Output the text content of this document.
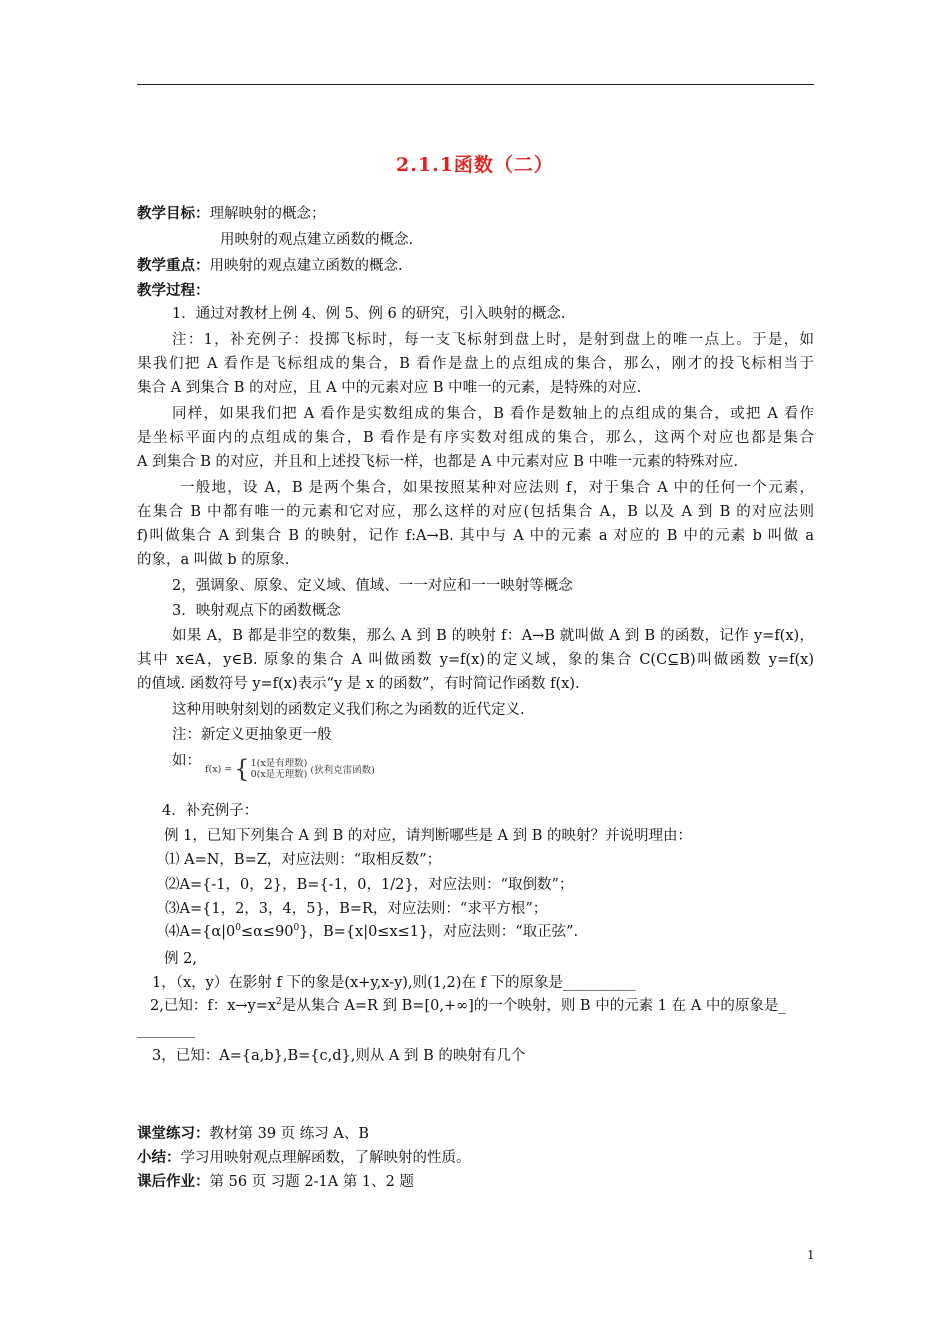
2.1.1函数（二）
教学目标：理解映射的概念；
用映射的观点建立函数的概念.
教学重点：用映射的观点建立函数的概念.
教学过程：
1．通过对教材上例 4、例 5、例 6 的研究，引入映射的概念.
注：1，补充例子：投掷飞标时，每一支飞标射到盘上时，是射到盘上的唯一点上。于是，如
果我们把 A 看作是飞标组成的集合，B 看作是盘上的点组成的集合，那么，刚才的投飞标相当于
集合 A 到集合 B 的对应，且 A 中的元素对应 B 中唯一的元素，是特殊的对应.
同样，如果我们把 A 看作是实数组成的集合，B 看作是数轴上的点组成的集合，或把 A 看作
是坐标平面内的点组成的集合，B 看作是有序实数对组成的集合，那么，这两个对应也都是集合
A 到集合 B 的对应，并且和上述投飞标一样，也都是 A 中元素对应 B 中唯一元素的特殊对应.
一般地，设 A，B 是两个集合，如果按照某种对应法则 f，对于集合 A 中的任何一个元素，
在集合 B 中都有唯一的元素和它对应，那么这样的对应(包括集合 A，B 以及 A 到 B 的对应法则
f)叫做集合 A 到集合 B 的映射，记作 f:A→B. 其中与 A 中的元素 a 对应的 B 中的元素 b 叫做 a
的象，a 叫做 b 的原象.
2，强调象、原象、定义域、值域、一一对应和一一映射等概念
3．映射观点下的函数概念
如果 A，B 都是非空的数集，那么 A 到 B 的映射 f：A→B 就叫做 A 到 B 的函数，记作 y=f(x)，
其中 x∈A，y∈B. 原象的集合 A 叫做函数 y=f(x)的定义域，象的集合 C(C⊆B)叫做函数 y=f(x)
的值域. 函数符号 y=f(x)表示“y 是 x 的函数”，有时简记作函数 f(x).
这种用映射刻划的函数定义我们称之为函数的近代定义.
注：新定义更抽象更一般
如： f(x) = { 1(x是有理数)
0(x是无理数) (狄利克雷函数)
4．补充例子：
例 1，已知下列集合 A 到 B 的对应，请判断哪些是 A 到 B 的映射？并说明理由：
⑴ A=N，B=Z，对应法则：“取相反数”；
⑵A={-1，0，2}，B={-1，0，1/2}，对应法则：“取倒数”；
⑶A={1，2，3，4，5}，B=R，对应法则：“求平方根”；
$⑷A=\{\alpha|0^0\le\alpha\le 90^0\}$，B={x|0≤x≤1}，对应法则：“取正弦”.
例 2,
1，（x，y）在影射 f 下的象是(x+y,x-y),则(1,2)在 f 下的原象是__________
2,已知：f：$x\to y=x^2$是从集合 A=R 到 B=[0,+∞]的一个映射，则 B 中的元素 1 在 A 中的原象是_
________
3，已知：A={a,b},B={c,d},则从 A 到 B 的映射有几个
课堂练习：教材第 39 页 练习 A、B
小结：学习用映射观点理解函数，了解映射的性质。
课后作业：第 56 页 习题 2-1A 第 1、2 题
1
